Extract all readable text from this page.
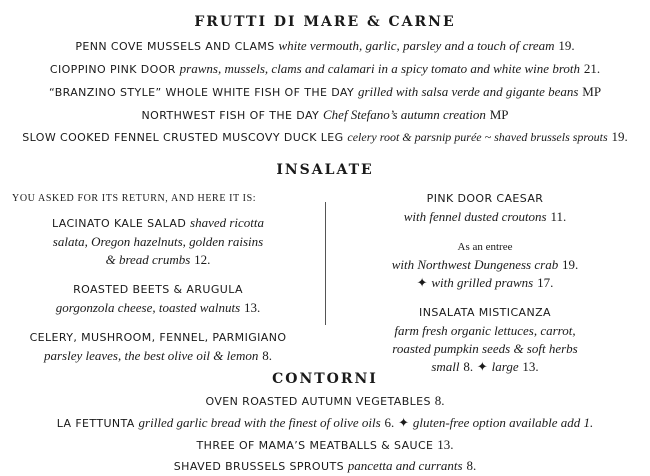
FRUTTI DI MARE & CARNE
PENN COVE MUSSELS AND CLAMS white vermouth, garlic, parsley and a touch of cream 19.
CIOPPINO PINK DOOR prawns, mussels, clams and calamari in a spicy tomato and white wine broth 21.
“BRANZINO STYLE” WHOLE WHITE FISH OF THE DAY grilled with salsa verde and gigante beans MP
NORTHWEST FISH OF THE DAY Chef Stefano’s autumn creation MP
SLOW COOKED FENNEL CRUSTED MUSCOVY DUCK LEG celery root & parsnip purée ~ shaved brussels sprouts 19.
INSALATE
YOU ASKED FOR ITS RETURN, AND HERE IT IS:
LACINATO KALE SALAD shaved ricotta
salata, Oregon hazelnuts, golden raisins
& bread crumbs 12.
ROASTED BEETS & ARUGULA
gorgonzola cheese, toasted walnuts 13.
CELERY, MUSHROOM, FENNEL, PARMIGIANO
parsley leaves, the best olive oil & lemon 8.
PINK DOOR CAESAR
with fennel dusted croutons 11.
As an entree
with Northwest Dungeness crab 19.
✦ with grilled prawns 17.
INSALATA MISTICANZA
farm fresh organic lettuces, carrot,
roasted pumpkin seeds & soft herbs
small 8. ✦ large 13.
CONTORNI
OVEN ROASTED AUTUMN VEGETABLES 8.
LA FETTUNTA grilled garlic bread with the finest of olive oils 6. ✦ gluten-free option available add 1.
THREE OF MAMA’S MEATBALLS & SAUCE 13.
SHAVED BRUSSELS SPROUTS pancetta and currants 8.
